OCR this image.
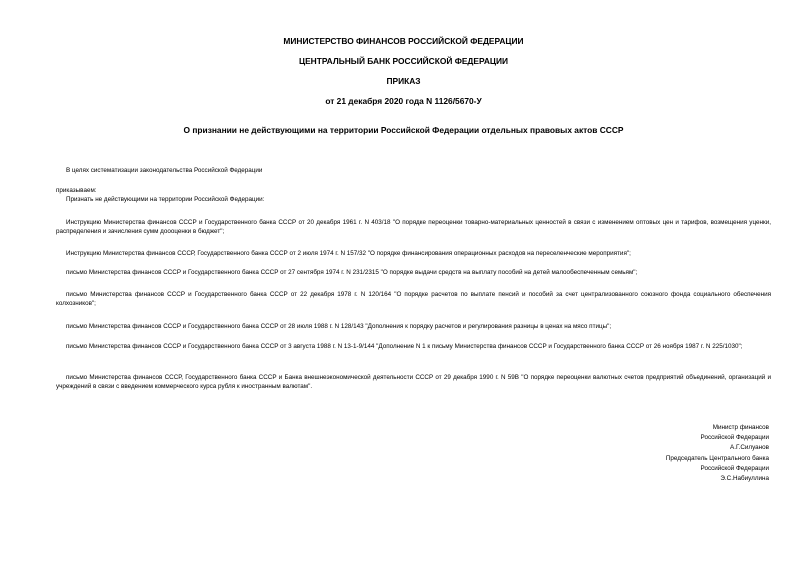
МИНИСТЕРСТВО ФИНАНСОВ РОССИЙСКОЙ ФЕДЕРАЦИИ
ЦЕНТРАЛЬНЫЙ БАНК РОССИЙСКОЙ ФЕДЕРАЦИИ
ПРИКАЗ
от 21 декабря 2020 года N 1126/5670-У
О признании не действующими на территории Российской Федерации отдельных правовых актов СССР
В целях систематизации законодательства Российской Федерации
приказываем:
Признать не действующими на территории Российской Федерации:
Инструкцию Министерства финансов СССР и Государственного банка СССР от 20 декабря 1961 г. N 403/18 "О порядке переоценки товарно-материальных ценностей в связи с изменением оптовых цен и тарифов, возмещения уценки, распределения и зачисления сумм доооценки в бюджет";
Инструкцию Министерства финансов СССР, Государственного банка СССР от 2 июля 1974 г. N 157/32 "О порядке финансирования операционных расходов на переселенческие мероприятия";
письмо Министерства финансов СССР и Государственного банка СССР от 27 сентября 1974 г. N 231/2315 "О порядке выдачи средств на выплату пособий на детей малообеспеченным семьям";
письмо Министерства финансов СССР и Государственного банка СССР от 22 декабря 1978 г. N 120/164 "О порядке расчетов по выплате пенсий и пособий за счет централизованного союзного фонда социального обеспечения колхозников";
письмо Министерства финансов СССР и Государственного банка СССР от 28 июля 1988 г. N 128/143 "Дополнения к порядку расчетов и регулирования разницы в ценах на мясо птицы";
письмо Министерства финансов СССР и Государственного банка СССР от 3 августа 1988 г. N 13-1-9/144 "Дополнение N 1 к письму Министерства финансов СССР и Государственного банка СССР от 26 ноября 1987 г. N 225/1030";
письмо Министерства финансов СССР, Государственного банка СССР и Банка внешнеэкономической деятельности СССР от 29 декабря 1990 г. N 59В "О порядке переоценки валютных счетов предприятий объединений, организаций и учреждений в связи с введением коммерческого курса рубля к иностранным валютам".
Министр финансов
Российской Федерации
А.Г.Силуанов
Председатель Центрального банка
Российской Федерации
Э.С.Набиуллина
